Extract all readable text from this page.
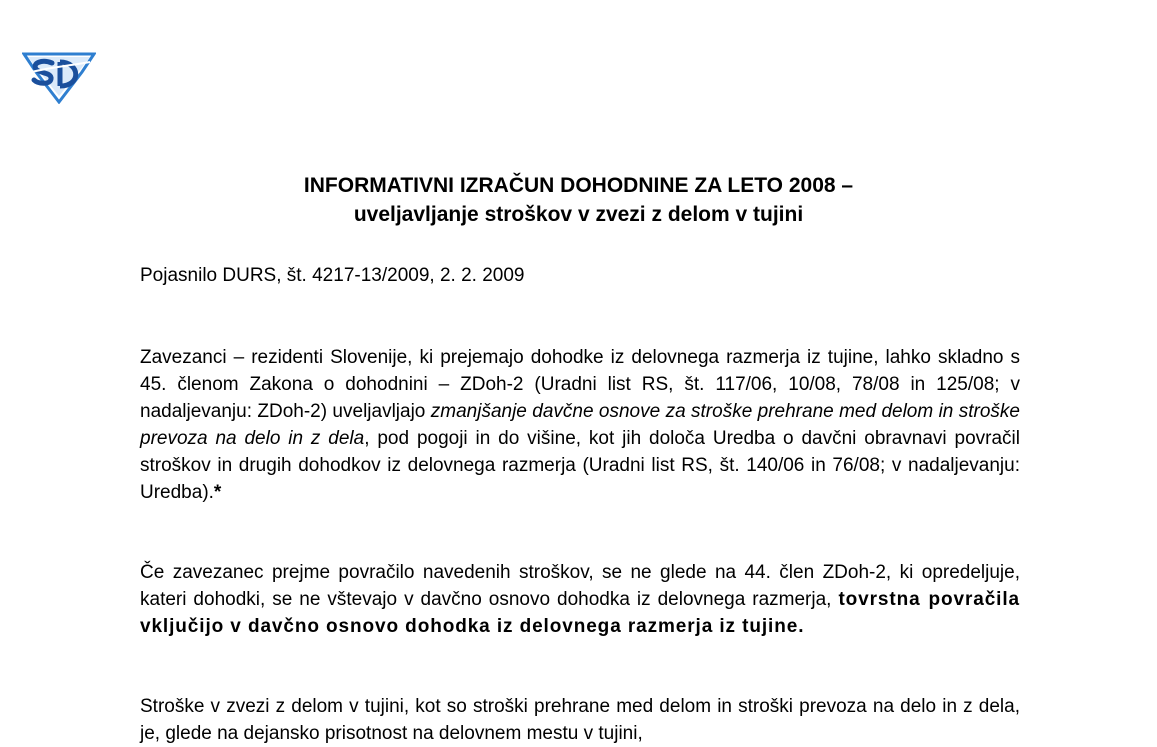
INFORMATIVNI IZRAČUN DOHODNINE ZA LETO 2008 –
uveljavljanje stroškov v zvezi z delom v tujini
Pojasnilo DURS, št. 4217-13/2009, 2. 2. 2009
Zavezanci – rezidenti Slovenije, ki prejemajo dohodke iz delovnega razmerja iz tujine, lahko skladno s 45. členom Zakona o dohodnini – ZDoh-2 (Uradni list RS, št. 117/06, 10/08, 78/08 in 125/08; v nadaljevanju: ZDoh-2) uveljavljajo zmanjšanje davčne osnove za stroške prehrane med delom in stroške prevoza na delo in z dela, pod pogoji in do višine, kot jih določa Uredba o davčni obravnavi povračil stroškov in drugih dohodkov iz delovnega razmerja (Uradni list RS, št. 140/06 in 76/08; v nadaljevanju: Uredba).*
Če zavezanec prejme povračilo navedenih stroškov, se ne glede na 44. člen ZDoh-2, ki opredeljuje, kateri dohodki, se ne vštevajo v davčno osnovo dohodka iz delovnega razmerja, tovrstna povračila vključijo v davčno osnovo dohodka iz delovnega razmerja iz tujine.
Stroške v zvezi z delom v tujini, kot so stroški prehrane med delom in stroški prevoza na delo in z dela, je, glede na dejansko prisotnost na delovnem mestu v tujini,
